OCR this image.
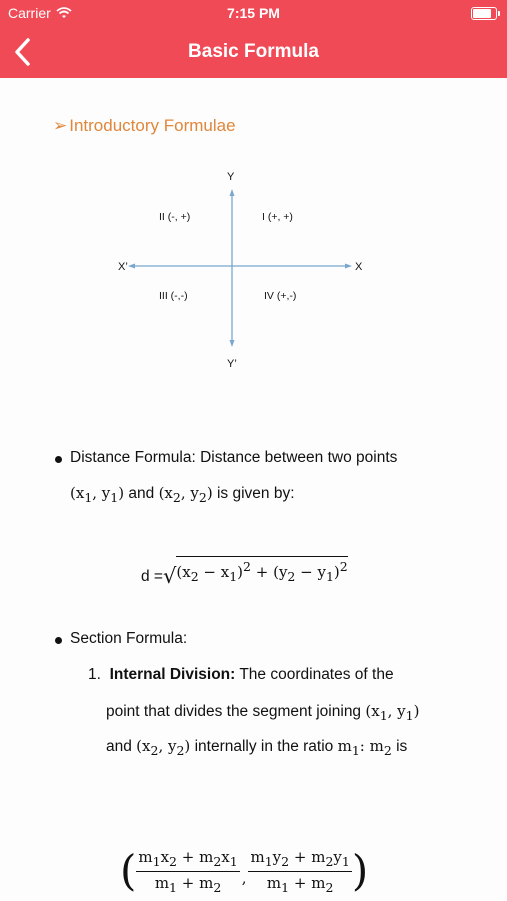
Carrier	7:15 PM
Basic Formula
➢ Introductory Formulae
Y
Y’
X’	X
I (+, +)
II (-, +)
III (-,-)	IV (+,-)
Distance Formula: Distance between two points
($x_1$, $y_1$) and ($x_2$, $y_2$) is given by:
d = √ $(x_2 - x_1)^2 + (y_2 - y_1)^2$
Section Formula:
1. Internal Division: The coordinates of the
point that divides the segment joining ($x_1$, $y_1$)
and ($x_2$, $y_2$) internally in the ratio $m_1$: $m_2$ is
( $m_1x_2 + m_2x_1$
$m_1 + m_2$ ,
$m_1y_2 + m_2y_1$
$m_1 + m_2$ )
